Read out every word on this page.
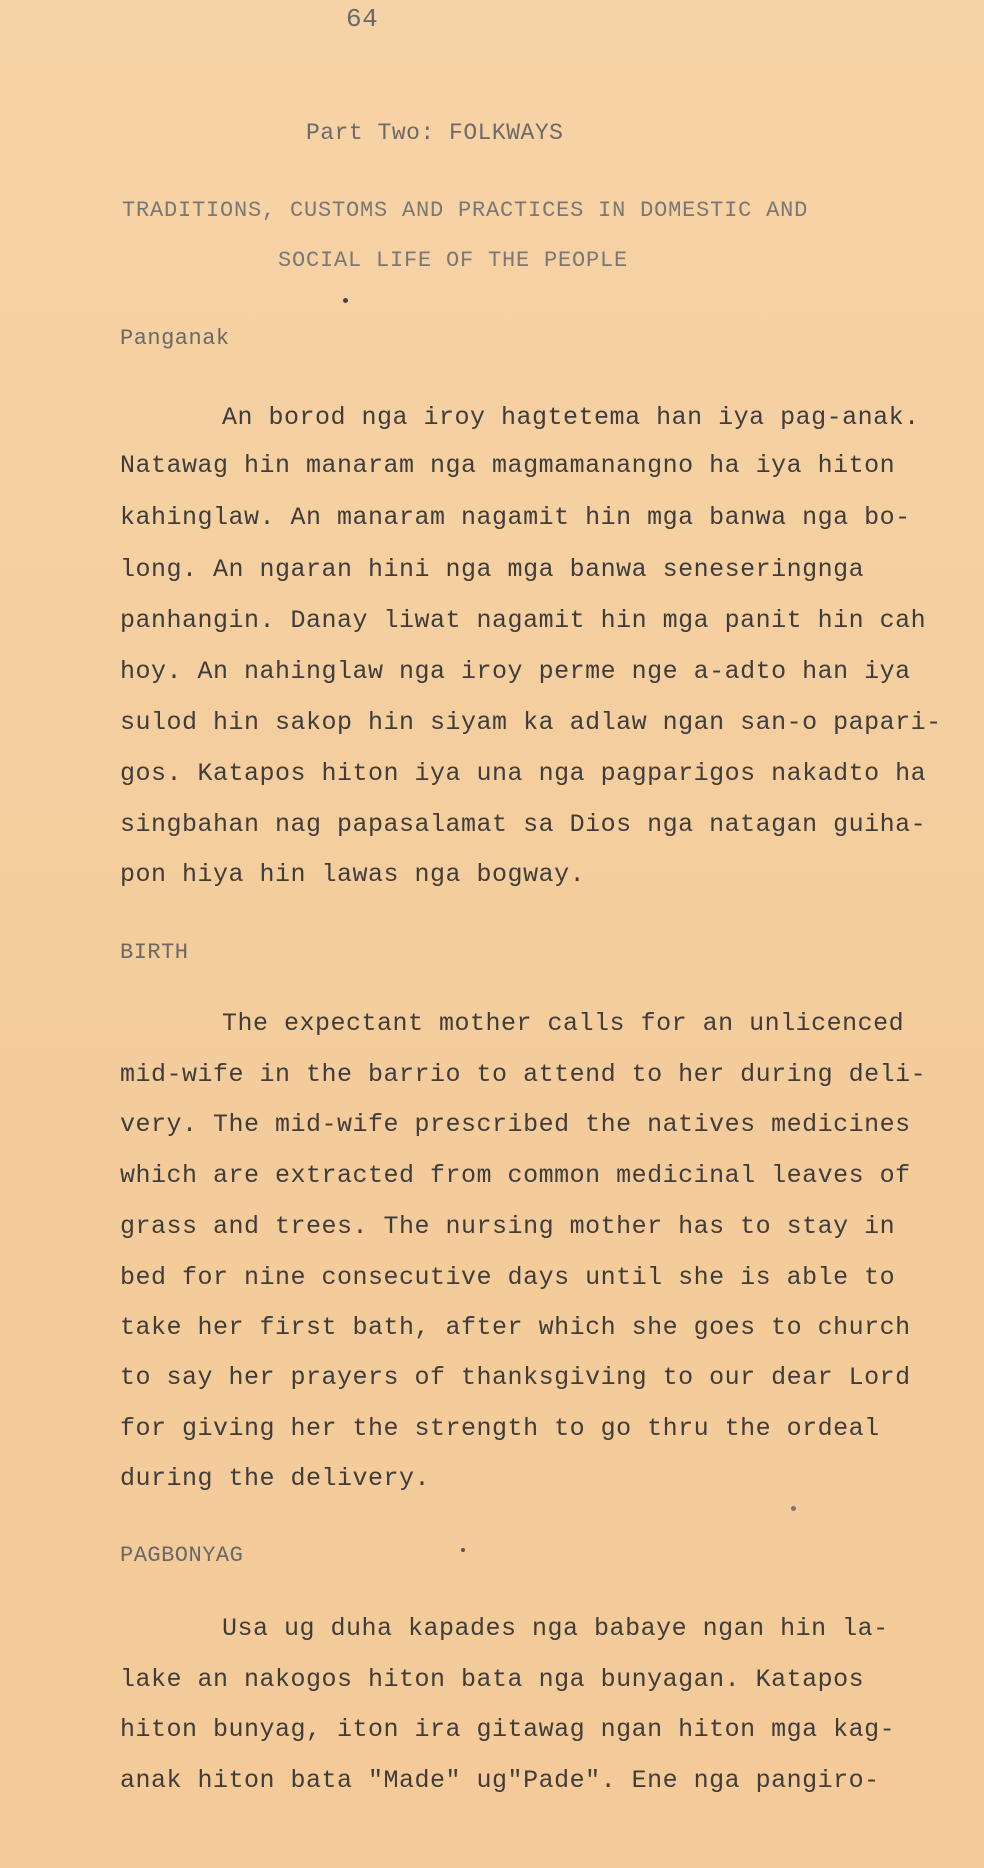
64
Part Two: FOLKWAYS
TRADITIONS, CUSTOMS AND PRACTICES IN DOMESTIC AND
SOCIAL LIFE OF THE PEOPLE
Panganak
An borod nga iroy hagtetema han iya pag-anak.
Natawag hin manaram nga magmamanangno ha iya hiton
kahinglaw. An manaram nagamit hin mga banwa nga bo-
long. An ngaran hini nga mga banwa seneseringnga
panhangin. Danay liwat nagamit hin mga panit hin cah
hoy. An nahinglaw nga iroy perme nge a-adto han iya
sulod hin sakop hin siyam ka adlaw ngan san-o papari-
gos. Katapos hiton iya una nga pagparigos nakadto ha
singbahan nag papasalamat sa Dios nga natagan guiha-
pon hiya hin lawas nga bogway.
BIRTH
The expectant mother calls for an unlicenced
mid-wife in the barrio to attend to her during deli-
very. The mid-wife prescribed the natives medicines
which are extracted from common medicinal leaves of
grass and trees. The nursing mother has to stay in
bed for nine consecutive days until she is able to
take her first bath, after which she goes to church
to say her prayers of thanksgiving to our dear Lord
for giving her the strength to go thru the ordeal
during the delivery.
PAGBONYAG
Usa ug duha kapades nga babaye ngan hin la-
lake an nakogos hiton bata nga bunyagan. Katapos
hiton bunyag, iton ira gitawag ngan hiton mga kag-
anak hiton bata "Made" ug"Pade". Ene nga pangiro-
